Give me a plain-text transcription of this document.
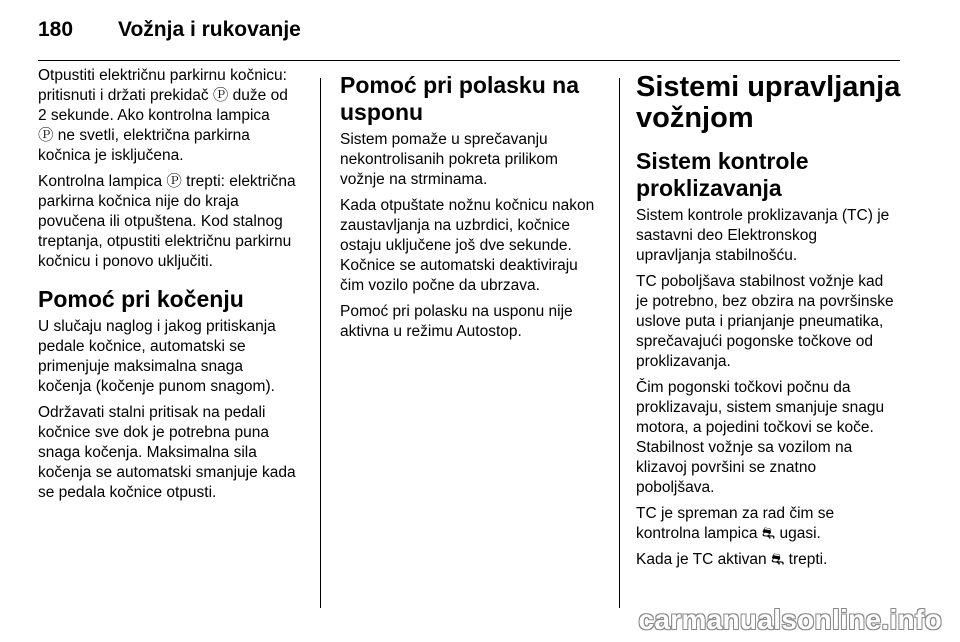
180	Vožnja i rukovanje

Otpustiti električnu parkirnu kočnicu:
pritisnuti i držati prekidač Ⓟ duže od
2 sekunde. Ako kontrolna lampica
Ⓟ ne svetli, električna parkirna
kočnica je isključena.

Kontrolna lampica Ⓟ trepti: električna
parkirna kočnica nije do kraja
povučena ili otpuštena. Kod stalnog
treptanja, otpustiti električnu parkirnu
kočnicu i ponovo uključiti.

Pomoć pri kočenju

U slučaju naglog i jakog pritiskanja
pedale kočnice, automatski se
primenjuje maksimalna snaga
kočenja (kočenje punom snagom).

Održavati stalni pritisak na pedali
kočnice sve dok je potrebna puna
snaga kočenja. Maksimalna sila
kočenja se automatski smanjuje kada
se pedala kočnice otpusti.

Pomoć pri polasku na
usponu

Sistem pomaže u sprečavanju
nekontrolisanih pokreta prilikom
vožnje na strminama.

Kada otpuštate nožnu kočnicu nakon
zaustavljanja na uzbrdici, kočnice
ostaju uključene još dve sekunde.
Kočnice se automatski deaktiviraju
čim vozilo počne da ubrzava.

Pomoć pri polasku na usponu nije
aktivna u režimu Autostop.

Sistemi upravljanja
vožnjom
Sistem kontrole
proklizavanja

Sistem kontrole proklizavanja (TC) je
sastavni deo Elektronskog
upravljanja stabilnošću.

TC poboljšava stabilnost vožnje kad
je potrebno, bez obzira na površinske
uslove puta i prianjanje pneumatika,
sprečavajući pogonske točkove od
proklizavanja.

Čim pogonski točkovi počnu da
proklizavaju, sistem smanjuje snagu
motora, a pojedini točkovi se koče.
Stabilnost vožnje sa vozilom na
klizavoj površini se znatno
poboljšava.

TC je spreman za rad čim se
kontrolna lampica ⛐ ugasi.

Kada je TC aktivan ⛐ trepti.

carmanualsonline.info
